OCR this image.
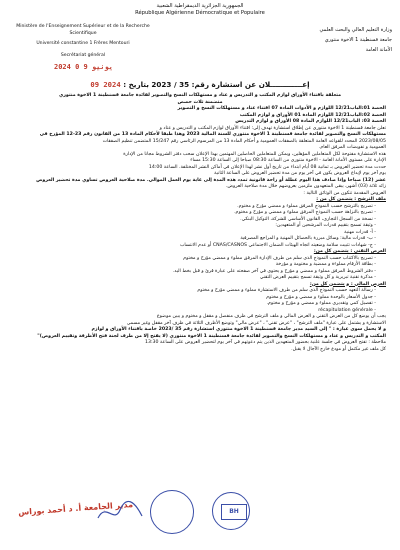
الجمهورية الجزائرية الديمقراطية الشعبية
République Algérienne Démocratique et Populaire
Ministère de l'Enseignement Supérieur et de la Recherche Scientifique
Université constantine 1 Frères Mentouri
Secrétariat général
وزارة التعليم العالي والبحث العلمي
جامعة قسنطينة 1 الاخوة منتوري
الأمانة العامة
2024 يونيو 9 0
إعـــــــــــــلان عن استشارة رقم: 35 / 2023 بتاريخ : 2024 09

متعلقة باقتناء الأوراق لوازم المكتب و التدريس و عتاد و مستهلكات النسخ والتصوير لفائدة جامعة قسنطينة 1 الاخوة منتوري

متضمنة ثلاث حصص

الحصة 01:الباب12/21 اللوازم و الأدوات المادة 07 اقتناء عتاد و مستهلكات النسخ و التصوير

الحصة 02:الباب12/21 اللوازم المادة 01 الأوراق و لوازم المكتب

الحصة 03: الباب12/21 اللوازم المادة 08 الأوراق و لوازم التدريس

تعلن جامعة قسنطينة 1 الاخوة منتوري عن إطلاق استشارة تهدف إلى: اقتناء الأوراق لوازم المكتب و التدريس و عتاد و

مستهلكات النسخ والتصوير لفائدة جامعة قسنطينة 1 الاخوة منتوري للسنة المالية 2023 وهذا طبقا لأحكام المادة 13 من القانون رقم 23-12 المؤرخ في

2023/08/05 المحدد للقواعد العامة المتعلقة بالصفقات العمومية و أحكام المادة 13 من المرسوم الرئاسي رقم 15/247 المتضمن تنظيم الصفقات

العمومية و تفويضات المرفق العام.

هذه الاستشارة مفتوحة لكل المتعاملين المؤهلين، ويمكن للمتعاملين الحاصلين المهتمين بهذا الإعلان سحب دفتر الشروط مجانا من الإدارة

الإدارة على مستوى الأمانة العامة - الاخوة منتوري من الساعة 08:30 صباحا إلى الساعة 15:30 مساء

حددت مدة تحضير العروض بـ ثمانية 08 أيام ابتداء من تاريخ أول نشر لهذا الإعلان في أماكن النشر المختلفة. الساعة 14:00

يوم آخر يوم لإيداع العروض يكون في آخر يوم من مدة تحضير العروض على الساعة الثانية

عشر (12) صباحا وإذا صادف هذا اليوم عطلة أو راحة قانونية تمدد هذه المدة إلى غاية يوم العمل الموالي. مدة صلاحية العروض تساوي مدة تحضير العروض

زائد ثلاثة (03) أشهر، يبقى المتعهدون ملزمين بعروضهم خلال مدة صلاحية العروض.

العروض المقدمة تتكون من الوثائق التالية :

ملف الترشح : يتضمن كل من :

- تصريح بالترشح حسب النموذج المرفق مملوء و ممضي مؤرخ و مختوم.

- تصريح بالنزاهة حسب النموذج المرفق مملوء و ممضي و مؤرخ و مختوم.

- نسخة من السجل التجاري، القانون الأساسي للشركة، التوكيل البنكي.

- وثيقة تسمح بتقييم قدرات المرشحين أو المتعهدين:

- أ- قدرات مهنية

- ب- قدرات مالية: وسائل مبررة بالحصائل المهنية و المراجع المصرفية

- ج- شهادات تثبيت سلامة وضعيته اتجاه الهيئات الضمان الاجتماعي CNAS/CASNOS أو عدم الانتساب

العرض التقني : يتضمن كل من:

- تصريح بالاكتتاب حسب النموذج الذي سلم من طرف الإدارة المرفق مملوء و ممضي مؤرخ و مختوم

- بطاقة الأرقام مملوءة و ممضية و مختومة و مؤرخة

- دفتر الشروط المرفق مملوء و ممضي و مؤرخ و يحتوي في آخر صفحته على عبارة قرئ و قبل بخط اليد.

- مذكرة تقنية تبريرية و كل وثيقة تسمح بتقييم العرض التقني

العرض المالي : و يتضمن كل من:

- رسالة التعهد حسب النموذج الذي سلم من طرف الاستشارة مملوء و ممضي مؤرخ و مختوم

- جدول الأسعار بالوحدة مملوء و ممضي و مؤرخ و مختوم

- تفصيل كمي وتقديري مملوء و ممضي و مؤرخ و مختوم.

- récapitulation générale

يجب أن يوضع كل من العرض التقني و العرض المالي و ملف الترشح في ظرف منفصل و مقفل و مختوم و يبين موضوع

الاستشارة و يشتمل على عبارة "ملف الترشح" ، "عرض تقني" ، "عرض مالي" وتوضع الأظرف الثلاثة في ظرف آخر مقفل وغير مسمى

و لا يحمل سوى عبارة : " إلى السيد مدير جامعة قسنطينة 1 الاخوة منتوري استشارة رقم 35 /2023 خاصة باقتناء الأوراق و لوازم

المكتب و التدريس و عتاد و مستهلكات النسخ والتصوير لفائدة جامعة قسنطينة 1 الاخوة منتوري (لا يفتح إلا من طرف لجنة فتح الأظرفة وتقييم العروض)"

ملاحظة : تفتح العروض في جلسة علنية بحضور المتعهدين الذين يتم دعوتهم في آخر يوم لتحضير العروض على الساعة 13:30

كل ملف غير مكتمل أو مودع خارج الآجال لا يقبل.

مدير الجامعة أ. د أحمد بوراس	BH
